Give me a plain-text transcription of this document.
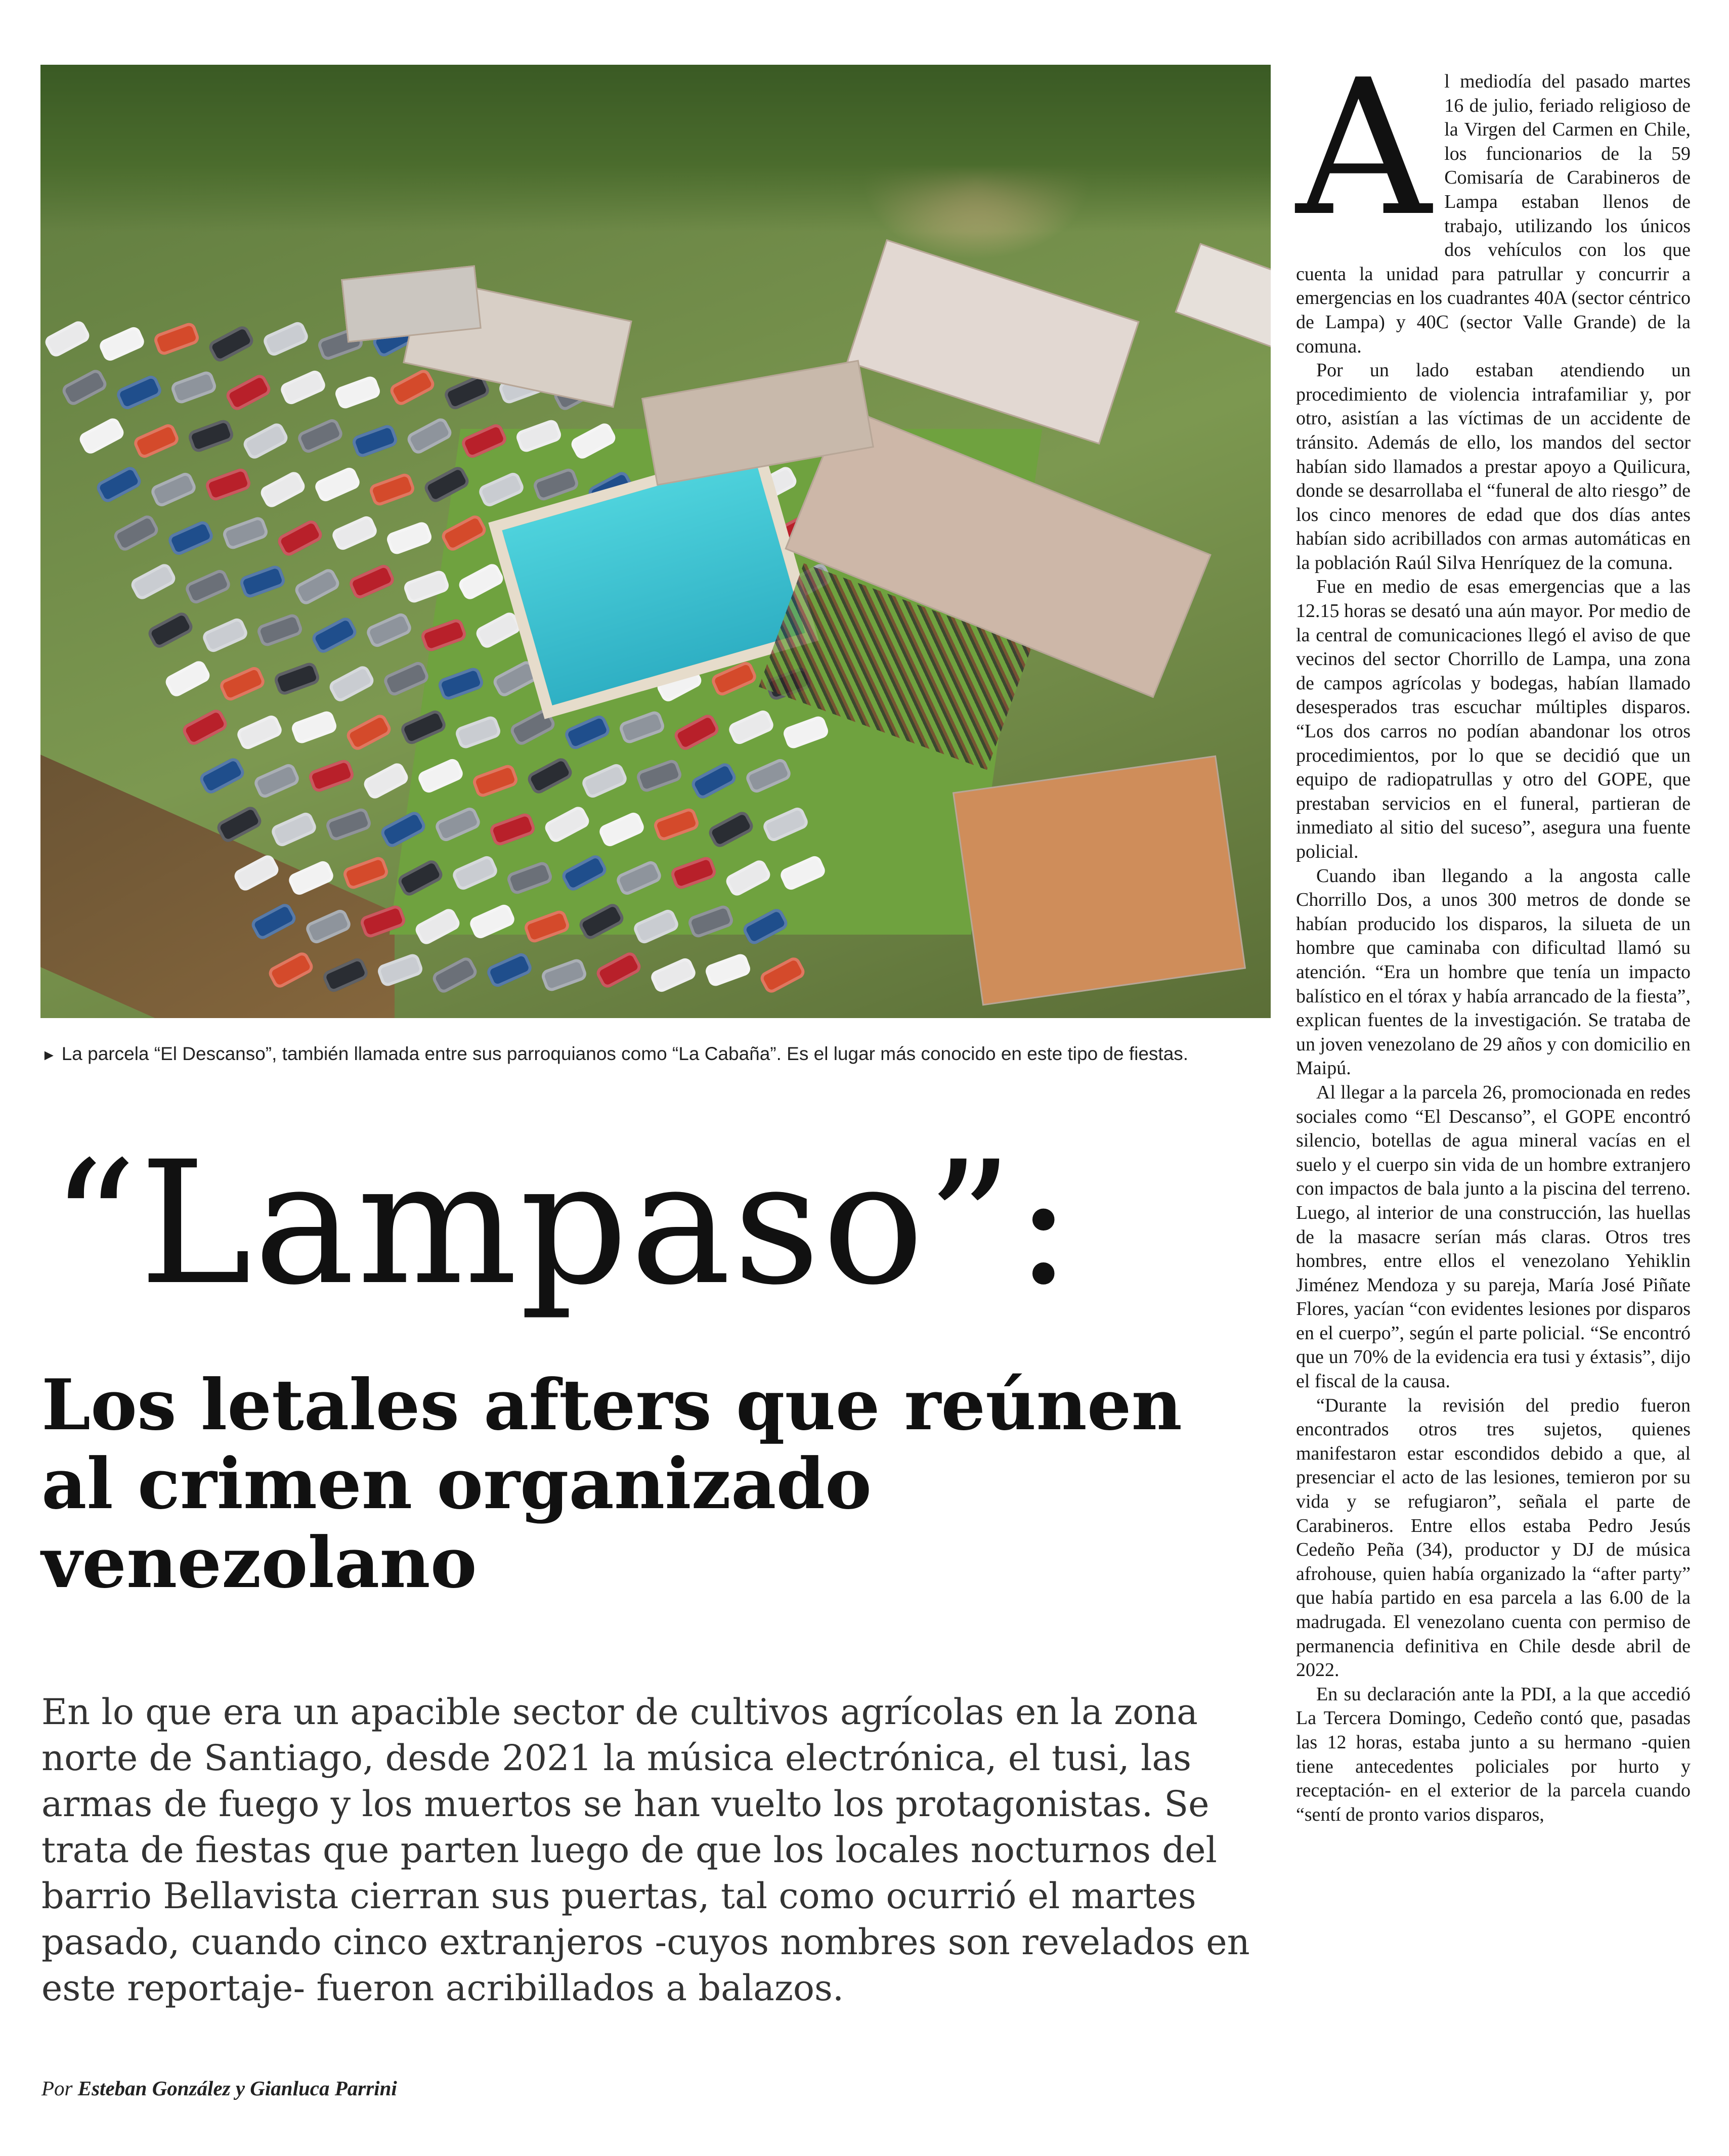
► La parcela “El Descanso”, también llamada entre sus parroquianos como “La Cabaña”. Es el lugar más conocido en este tipo de fiestas.
“Lampaso”:
Los letales afters que reúnen al crimen organizado venezolano
En lo que era un apacible sector de cultivos agrícolas en la zona norte de Santiago, desde 2021 la música electrónica, el tusi, las armas de fuego y los muertos se han vuelto los protagonistas. Se trata de fiestas que parten luego de que los locales nocturnos del barrio Bellavista cierran sus puertas, tal como ocurrió el martes pasado, cuando cinco extranjeros -cuyos nombres son revelados en este reportaje- fueron acribillados a balazos.
Por Esteban González y Gianluca Parrini

Al mediodía del pasado martes 16 de julio, feriado religioso de la Virgen del Carmen en Chile, los funcionarios de la 59 Comisaría de Carabineros de Lampa estaban llenos de trabajo, utilizando los únicos dos vehículos con los que cuenta la unidad para patrullar y concurrir a emergencias en los cuadrantes 40A (sector céntrico de Lampa) y 40C (sector Valle Grande) de la comuna.

Por un lado estaban atendiendo un procedimiento de violencia intrafamiliar y, por otro, asistían a las víctimas de un accidente de tránsito. Además de ello, los mandos del sector habían sido llamados a prestar apoyo a Quilicura, donde se desarrollaba el “funeral de alto riesgo” de los cinco menores de edad que dos días antes habían sido acribillados con armas automáticas en la población Raúl Silva Henríquez de la comuna.

Fue en medio de esas emergencias que a las 12.15 horas se desató una aún mayor. Por medio de la central de comunicaciones llegó el aviso de que vecinos del sector Chorrillo de Lampa, una zona de campos agrícolas y bodegas, habían llamado desesperados tras escuchar múltiples disparos. “Los dos carros no podían abandonar los otros procedimientos, por lo que se decidió que un equipo de radiopatrullas y otro del GOPE, que prestaban servicios en el funeral, partieran de inmediato al sitio del suceso”, asegura una fuente policial.

Cuando iban llegando a la angosta calle Chorrillo Dos, a unos 300 metros de donde se habían producido los disparos, la silueta de un hombre que caminaba con dificultad llamó su atención. “Era un hombre que tenía un impacto balístico en el tórax y había arrancado de la fiesta”, explican fuentes de la investigación. Se trataba de un joven venezolano de 29 años y con domicilio en Maipú.

Al llegar a la parcela 26, promocionada en redes sociales como “El Descanso”, el GOPE encontró silencio, botellas de agua mineral vacías en el suelo y el cuerpo sin vida de un hombre extranjero con impactos de bala junto a la piscina del terreno. Luego, al interior de una construcción, las huellas de la masacre serían más claras. Otros tres hombres, entre ellos el venezolano Yehiklin Jiménez Mendoza y su pareja, María José Piñate Flores, yacían “con evidentes lesiones por disparos en el cuerpo”, según el parte policial. “Se encontró que un 70% de la evidencia era tusi y éxtasis”, dijo el fiscal de la causa.

“Durante la revisión del predio fueron encontrados otros tres sujetos, quienes manifestaron estar escondidos debido a que, al presenciar el acto de las lesiones, temieron por su vida y se refugiaron”, señala el parte de Carabineros. Entre ellos estaba Pedro Jesús Cedeño Peña (34), productor y DJ de música afrohouse, quien había organizado la “after party” que había partido en esa parcela a las 6.00 de la madrugada. El venezolano cuenta con permiso de permanencia definitiva en Chile desde abril de 2022.

En su declaración ante la PDI, a la que accedió La Tercera Domingo, Cedeño contó que, pasadas las 12 horas, estaba junto a su hermano -quien tiene antecedentes policiales por hurto y receptación- en el exterior de la parcela cuando “sentí de pronto varios disparos,
